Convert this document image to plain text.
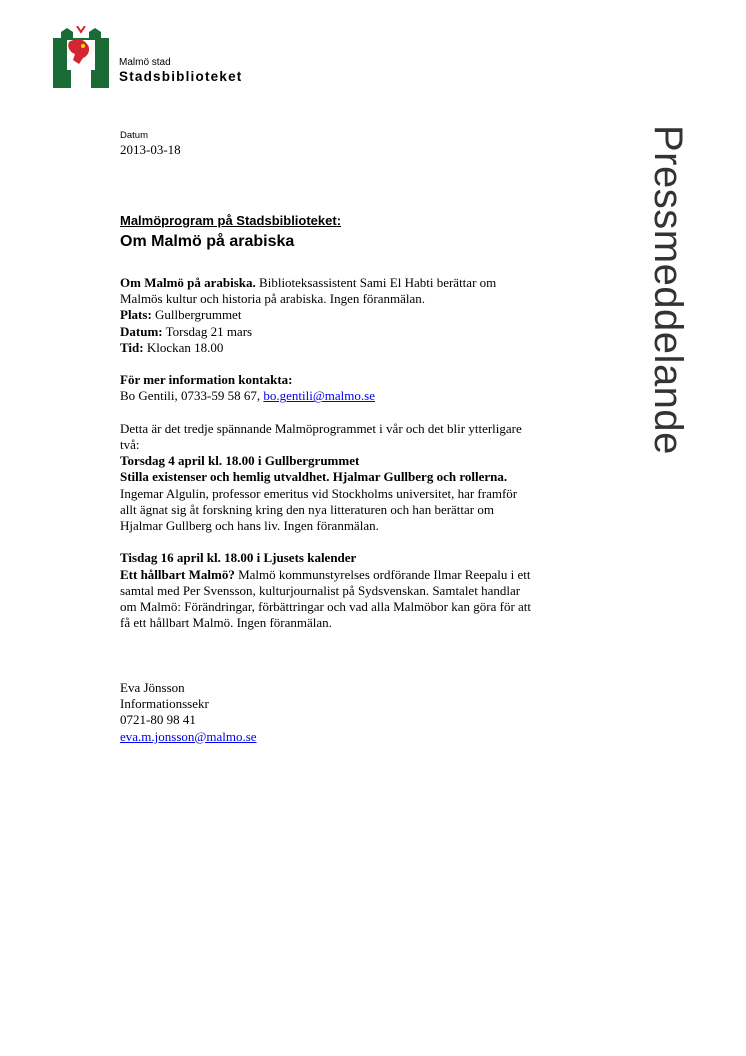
Malmö stad
Stadsbiblioteket
Datum
2013-03-18	Pressmeddelande
Malmöprogram på Stadsbiblioteket:
Om Malmö på arabiska

Om Malmö på arabiska. Biblioteksassistent Sami El Habti berättar om

Malmös kultur och historia på arabiska. Ingen föranmälan.

Plats: Gullbergrummet

Datum: Torsdag 21 mars

Tid: Klockan 18.00

För mer information kontakta:

Bo Gentili, 0733-59 58 67, bo.gentili@malmo.se

Detta är det tredje spännande Malmöprogrammet i vår och det blir ytterligare

två:

Torsdag 4 april kl. 18.00 i Gullbergrummet

Stilla existenser och hemlig utvaldhet. Hjalmar Gullberg och rollerna.

Ingemar Algulin, professor emeritus vid Stockholms universitet, har framför

allt ägnat sig åt forskning kring den nya litteraturen och han berättar om

Hjalmar Gullberg och hans liv. Ingen föranmälan.

Tisdag 16 april kl. 18.00 i Ljusets kalender

Ett hållbart Malmö? Malmö kommunstyrelses ordförande Ilmar Reepalu i ett

samtal med Per Svensson, kulturjournalist på Sydsvenskan. Samtalet handlar

om Malmö: Förändringar, förbättringar och vad alla Malmöbor kan göra för att

få ett hållbart Malmö. Ingen föranmälan.

Eva Jönsson

Informationssekr

0721-80 98 41

eva.m.jonsson@malmo.se
